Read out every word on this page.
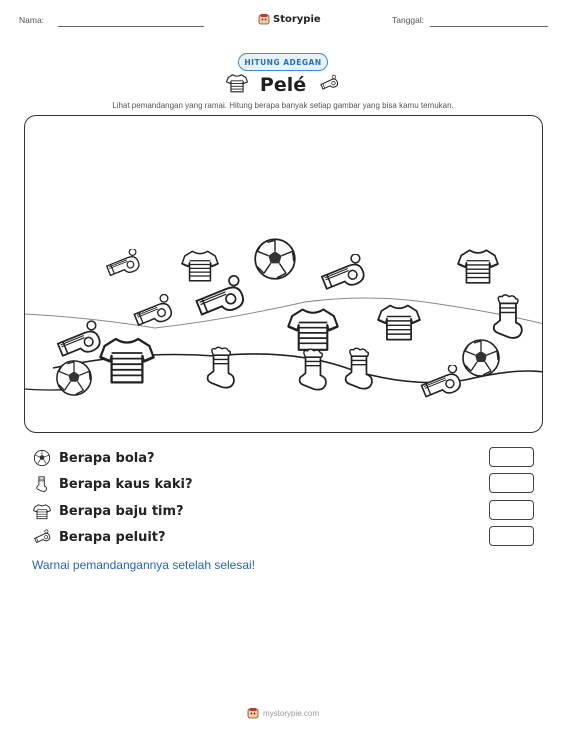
Nama:	Storypie	Tanggal:
HITUNG ADEGAN
Pelé
Lihat pemandangan yang ramai. Hitung berapa banyak setiap gambar yang bisa kamu temukan.
Berapa bola?
Berapa kaus kaki?
Berapa baju tim?
Berapa peluit?
Warnai pemandangannya setelah selesai!
mystorypie.com
